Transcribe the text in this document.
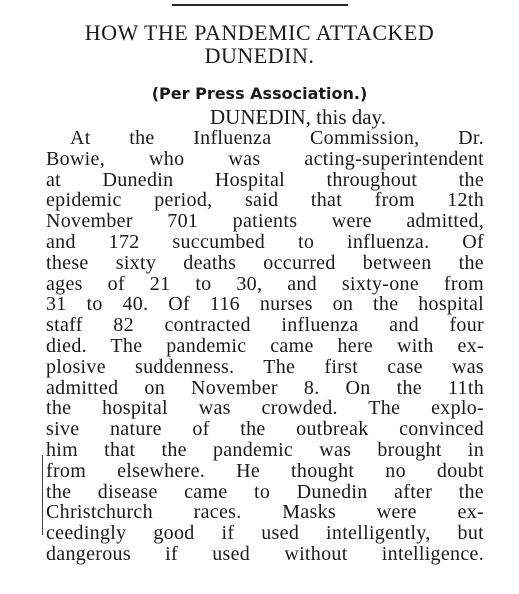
HOW THE PANDEMIC ATTACKED
DUNEDIN.
(Per Press Association.)
DUNEDIN, this day.
At the Influenza Commission, Dr.
Bowie, who was acting-superintendent
at Dunedin Hospital throughout the
epidemic period, said that from 12th
November 701 patients were admitted,
and 172 succumbed to influenza. Of
these sixty deaths occurred between the
ages of 21 to 30, and sixty-one from
31 to 40. Of 116 nurses on the hospital
staff 82 contracted influenza and four
died. The pandemic came here with ex-
plosive suddenness. The first case was
admitted on November 8. On the 11th
the hospital was crowded. The explo-
sive nature of the outbreak convinced
him that the pandemic was brought in
from elsewhere. He thought no doubt
the disease came to Dunedin after the
Christchurch races. Masks were ex-
ceedingly good if used intelligently, but
dangerous if used without intelligence.
